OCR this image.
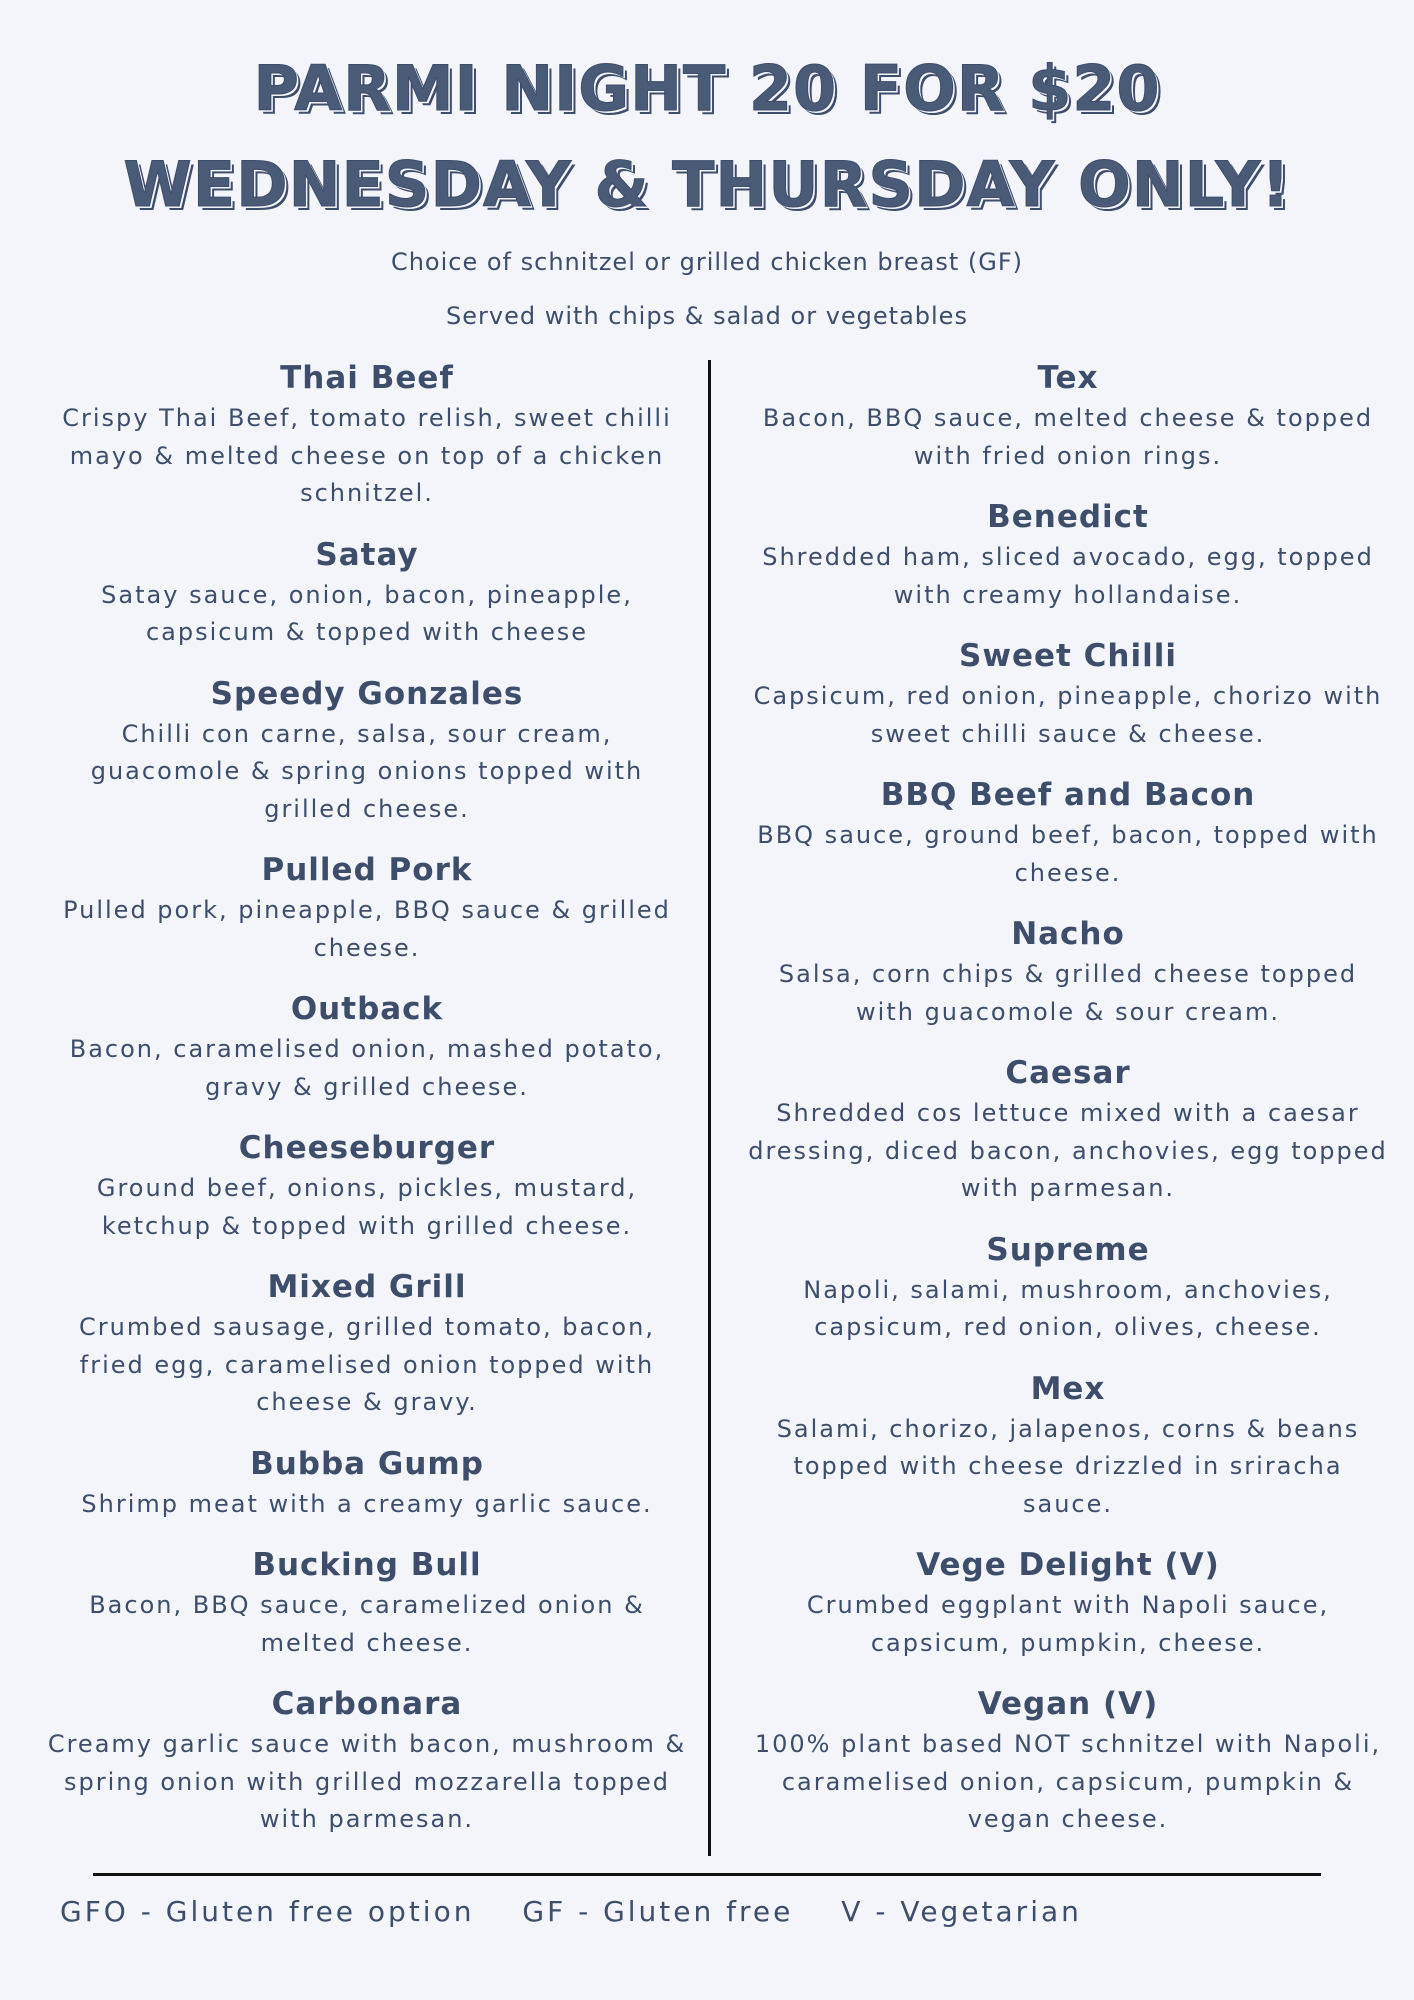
PARMI NIGHT 20 FOR $20
WEDNESDAY & THURSDAY ONLY!

Choice of schnitzel or grilled chicken breast (GF)

Served with chips & salad or vegetables

Thai Beef

Crispy Thai Beef, tomato relish, sweet chilli mayo & melted cheese on top of a chicken schnitzel.

Satay

Satay sauce, onion, bacon, pineapple, capsicum & topped with cheese

Speedy Gonzales

Chilli con carne, salsa, sour cream, guacomole & spring onions topped with grilled cheese.

Pulled Pork

Pulled pork, pineapple, BBQ sauce & grilled cheese.

Outback

Bacon, caramelised onion, mashed potato, gravy & grilled cheese.

Cheeseburger

Ground beef, onions, pickles, mustard, ketchup & topped with grilled cheese.

Mixed Grill

Crumbed sausage, grilled tomato, bacon, fried egg, caramelised onion topped with cheese & gravy.

Bubba Gump

Shrimp meat with a creamy garlic sauce.

Bucking Bull

Bacon, BBQ sauce, caramelized onion & melted cheese.

Carbonara

Creamy garlic sauce with bacon, mushroom & spring onion with grilled mozzarella topped with parmesan.

Tex

Bacon, BBQ sauce, melted cheese & topped with fried onion rings.

Benedict

Shredded ham, sliced avocado, egg, topped with creamy hollandaise.

Sweet Chilli

Capsicum, red onion, pineapple, chorizo with sweet chilli sauce & cheese.

BBQ Beef and Bacon

BBQ sauce, ground beef, bacon, topped with cheese.

Nacho

Salsa, corn chips & grilled cheese topped with guacomole & sour cream.

Caesar

Shredded cos lettuce mixed with a caesar dressing, diced bacon, anchovies, egg topped with parmesan.

Supreme

Napoli, salami, mushroom, anchovies, capsicum, red onion, olives, cheese.

Mex

Salami, chorizo, jalapenos, corns & beans topped with cheese drizzled in sriracha sauce.

Vege Delight (V)

Crumbed eggplant with Napoli sauce, capsicum, pumpkin, cheese.

Vegan (V)

100% plant based NOT schnitzel with Napoli, caramelised onion, capsicum, pumpkin & vegan cheese.

GFO - Gluten free option GF - Gluten free V - Vegetarian
